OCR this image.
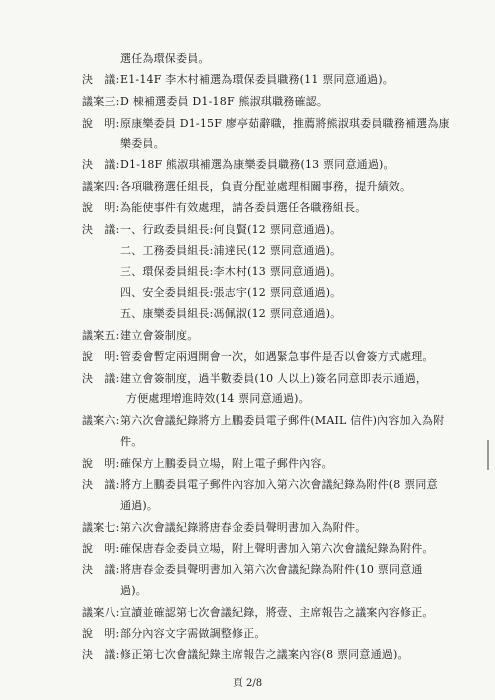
選任為環保委員。
決　議:E1-14F 李木村補選為環保委員職務(11 票同意通過)。
議案三:D 棟補選委員 D1-18F 熊淑琪職務確認。
說　明:原康樂委員 D1-15F 廖亭茹辭職，推薦將熊淑琪委員職務補選為康
樂委員。
決　議:D1-18F 熊淑琪補選為康樂委員職務(13 票同意通過)。
議案四:各項職務選任組長，負責分配並處理相關事務，提升績效。
說　明:為能使事件有效處理，請各委員選任各職務組長。
決　議:一、行政委員組長:何良賢(12 票同意通過)。
二、工務委員組長:浦達民(12 票同意通過)。
三、環保委員組長:李木村(13 票同意通過)。
四、安全委員組長:張志宇(12 票同意通過)。
五、康樂委員組長:馮佩淑(12 票同意通過)。
議案五:建立會簽制度。
說　明:管委會暫定兩週開會一次，如遇緊急事件是否以會簽方式處理。
決　議:建立會簽制度，過半數委員(10 人以上)簽名同意即表示通過，
方便處理增進時效(14 票同意通過)。
議案六:第六次會議紀錄將方上鵬委員電子郵件(MAIL 信件)內容加入為附
件。
說　明:確保方上鵬委員立場，附上電子郵件內容。
決　議:將方上鵬委員電子郵件內容加入第六次會議紀錄為附件(8 票同意
通過)。
議案七:第六次會議紀錄將唐春金委員聲明書加入為附件。
說　明:確保唐春金委員立場，附上聲明書加入第六次會議紀錄為附件。
決　議:將唐春金委員聲明書加入第六次會議紀錄為附件(10 票同意通
過)。
議案八:宣讀並確認第七次會議紀錄，將壹、主席報告之議案內容修正。
說　明:部分內容文字需做調整修正。
決　議:修正第七次會議紀錄主席報告之議案內容(8 票同意通過)。
頁 2/8
